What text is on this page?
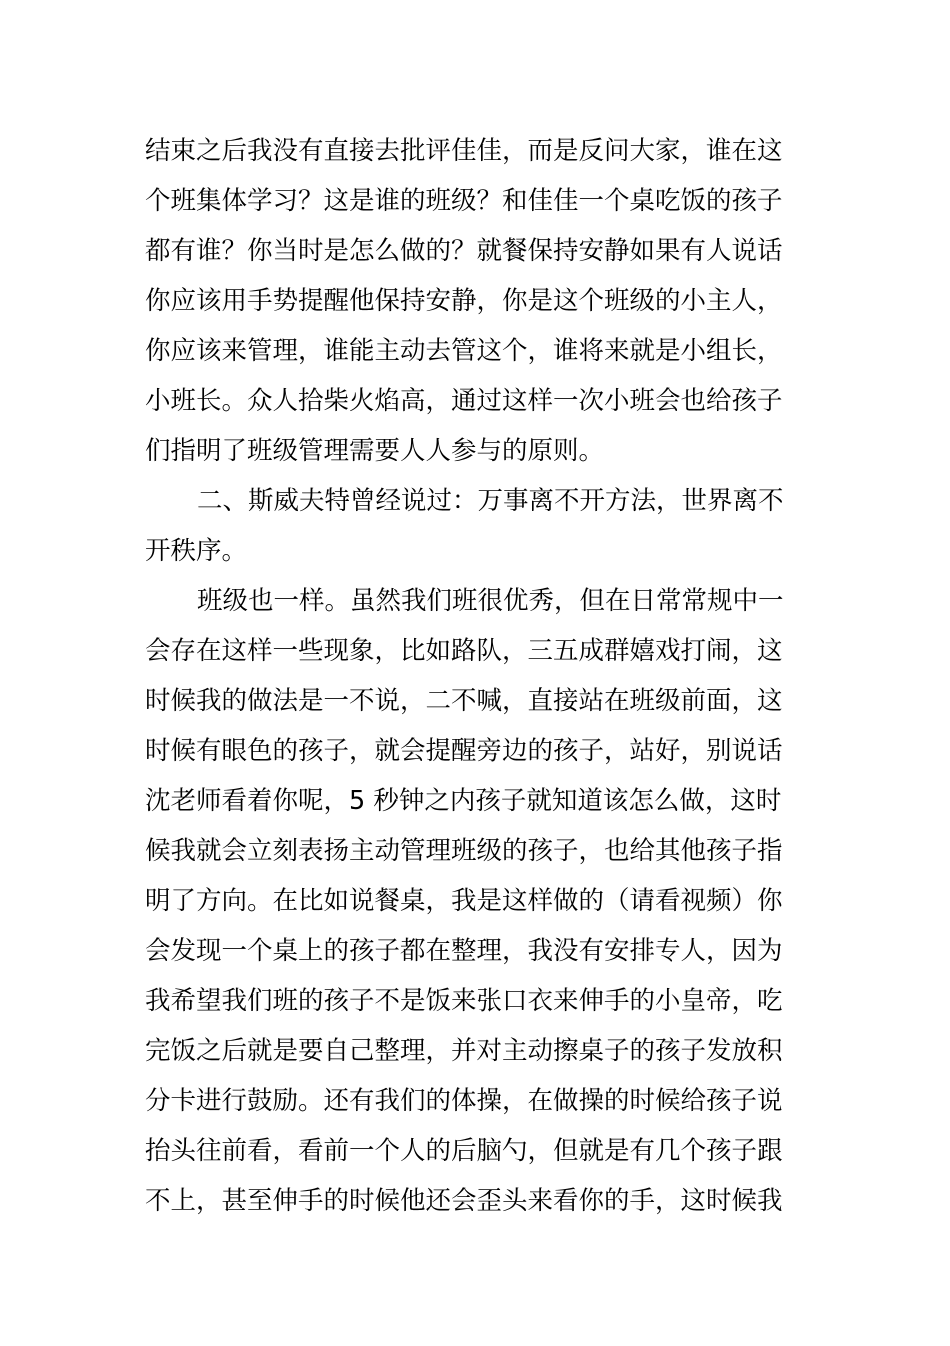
结束之后我没有直接去批评佳佳，而是反问大家，谁在这
个班集体学习？这是谁的班级？和佳佳一个桌吃饭的孩子
都有谁？你当时是怎么做的？就餐保持安静如果有人说话
你应该用手势提醒他保持安静，你是这个班级的小主人，
你应该来管理，谁能主动去管这个，谁将来就是小组长，
小班长。众人拾柴火焰高，通过这样一次小班会也给孩子
们指明了班级管理需要人人参与的原则。
二、斯威夫特曾经说过：万事离不开方法，世界离不
开秩序。
班级也一样。虽然我们班很优秀，但在日常常规中一
会存在这样一些现象，比如路队，三五成群嬉戏打闹，这
时候我的做法是一不说，二不喊，直接站在班级前面，这
时候有眼色的孩子，就会提醒旁边的孩子，站好，别说话
沈老师看着你呢，5 秒钟之内孩子就知道该怎么做，这时
候我就会立刻表扬主动管理班级的孩子，也给其他孩子指
明了方向。在比如说餐桌，我是这样做的（请看视频）你
会发现一个桌上的孩子都在整理，我没有安排专人，因为
我希望我们班的孩子不是饭来张口衣来伸手的小皇帝，吃
完饭之后就是要自己整理，并对主动擦桌子的孩子发放积
分卡进行鼓励。还有我们的体操，在做操的时候给孩子说
抬头往前看，看前一个人的后脑勺，但就是有几个孩子跟
不上，甚至伸手的时候他还会歪头来看你的手，这时候我
